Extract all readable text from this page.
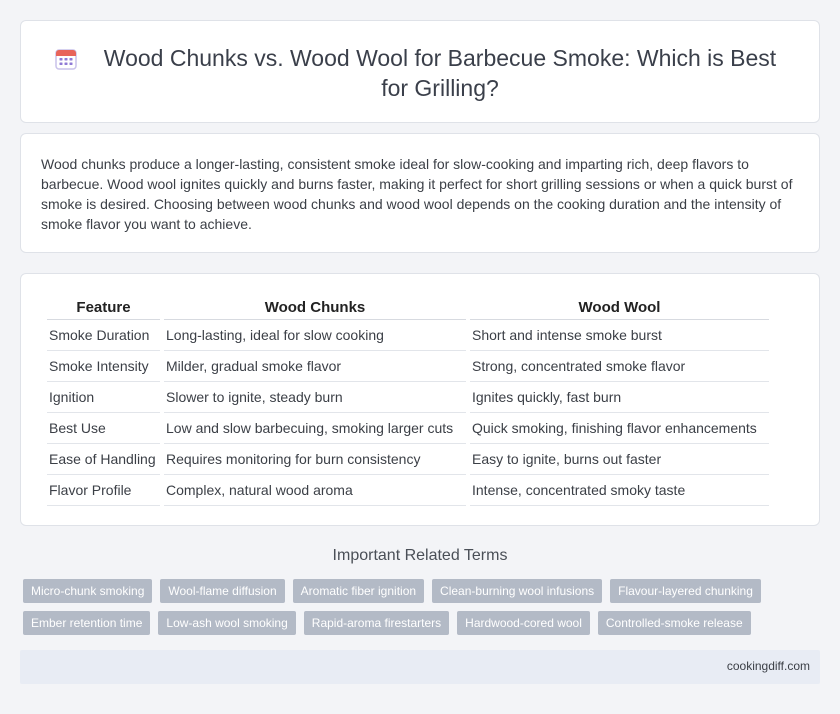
Wood Chunks vs. Wood Wool for Barbecue Smoke: Which is Best for Grilling?

Wood chunks produce a longer-lasting, consistent smoke ideal for slow-cooking and imparting rich, deep flavors to barbecue. Wood wool ignites quickly and burns faster, making it perfect for short grilling sessions or when a quick burst of smoke is desired. Choosing between wood chunks and wood wool depends on the cooking duration and the intensity of smoke flavor you want to achieve.

Feature	Wood Chunks	Wood Wool
Smoke Duration	Long-lasting, ideal for slow cooking	Short and intense smoke burst
Smoke Intensity	Milder, gradual smoke flavor	Strong, concentrated smoke flavor
Ignition	Slower to ignite, steady burn	Ignites quickly, fast burn
Best Use	Low and slow barbecuing, smoking larger cuts	Quick smoking, finishing flavor enhancements
Ease of Handling	Requires monitoring for burn consistency	Easy to ignite, burns out faster
Flavor Profile	Complex, natural wood aroma	Intense, concentrated smoky taste
Important Related Terms
Micro-chunk smoking	Wool-flame diffusion	Aromatic fiber ignition	Clean-burning wool infusions	Flavour-layered chunking
Ember retention time	Low-ash wool smoking	Rapid-aroma firestarters	Hardwood-cored wool	Controlled-smoke release
cookingdiff.com
